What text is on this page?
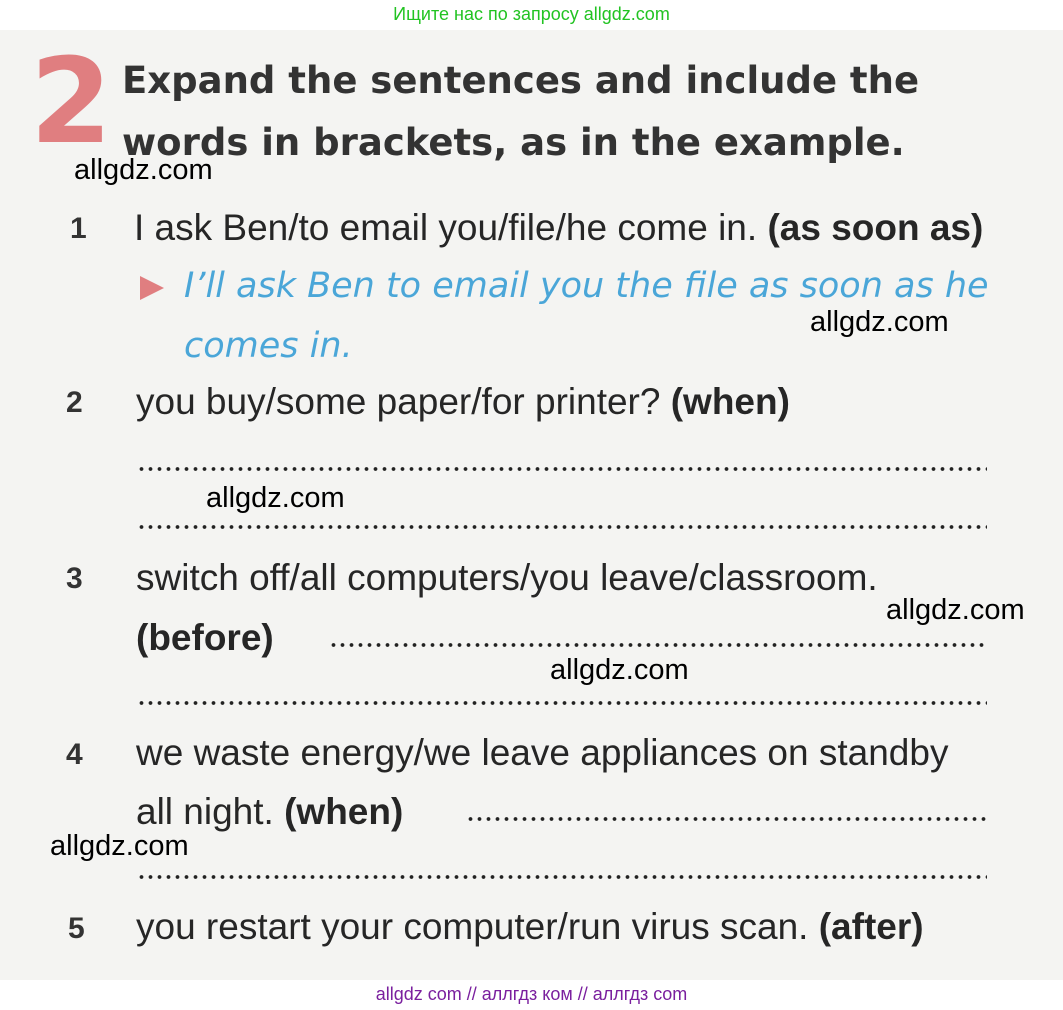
Ищите нас по запросу allgdz.com
2 Expand the sentences and include the words in brackets, as in the example.
1 I ask Ben/to email you/file/he come in. (as soon as)
I’ll ask Ben to email you the file as soon as he
comes in.
2 you buy/some paper/for printer? (when)
3 switch off/all computers/you leave/classroom.
(before)
4 we waste energy/we leave appliances on standby
all night. (when)
5 you restart your computer/run virus scan. (after)
allgdz.com
allgdz.com
allgdz.com
allgdz.com
allgdz.com
allgdz.com
allgdz com // аллгдз ком // аллгдз com
